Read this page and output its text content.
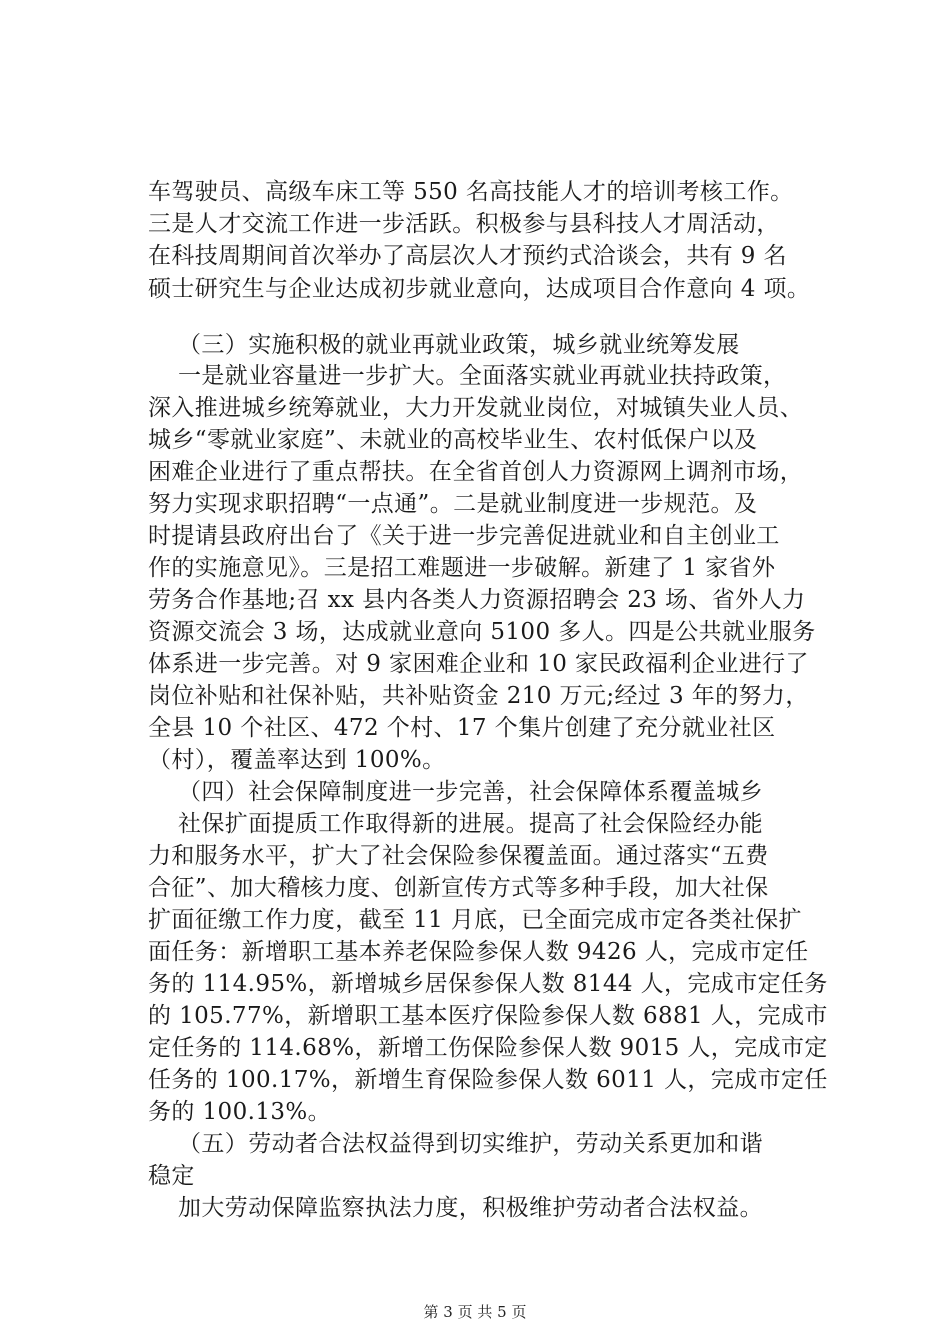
车驾驶员、高级车床工等 550 名高技能人才的培训考核工作。
三是人才交流工作进一步活跃。积极参与县科技人才周活动，
在科技周期间首次举办了高层次人才预约式洽谈会，共有 9 名
硕士研究生与企业达成初步就业意向，达成项目合作意向 4 项。
（三）实施积极的就业再就业政策，城乡就业统筹发展
一是就业容量进一步扩大。全面落实就业再就业扶持政策，
深入推进城乡统筹就业，大力开发就业岗位，对城镇失业人员、
城乡“零就业家庭”、未就业的高校毕业生、农村低保户以及
困难企业进行了重点帮扶。在全省首创人力资源网上调剂市场，
努力实现求职招聘“一点通”。二是就业制度进一步规范。及
时提请县政府出台了《关于进一步完善促进就业和自主创业工
作的实施意见》。三是招工难题进一步破解。新建了 1 家省外
劳务合作基地;召 xx 县内各类人力资源招聘会 23 场、省外人力
资源交流会 3 场，达成就业意向 5100 多人。四是公共就业服务
体系进一步完善。对 9 家困难企业和 10 家民政福利企业进行了
岗位补贴和社保补贴，共补贴资金 210 万元;经过 3 年的努力，
全县 10 个社区、472 个村、17 个集片创建了充分就业社区
（村），覆盖率达到 100%。
（四）社会保障制度进一步完善，社会保障体系覆盖城乡
社保扩面提质工作取得新的进展。提高了社会保险经办能
力和服务水平，扩大了社会保险参保覆盖面。通过落实“五费
合征”、加大稽核力度、创新宣传方式等多种手段，加大社保
扩面征缴工作力度，截至 11 月底，已全面完成市定各类社保扩
面任务：新增职工基本养老保险参保人数 9426 人，完成市定任
务的 114.95%，新增城乡居保参保人数 8144 人，完成市定任务
的 105.77%，新增职工基本医疗保险参保人数 6881 人，完成市
定任务的 114.68%，新增工伤保险参保人数 9015 人，完成市定
任务的 100.17%，新增生育保险参保人数 6011 人，完成市定任
务的 100.13%。
（五）劳动者合法权益得到切实维护，劳动关系更加和谐
稳定
加大劳动保障监察执法力度，积极维护劳动者合法权益。
第 3 页 共 5 页
